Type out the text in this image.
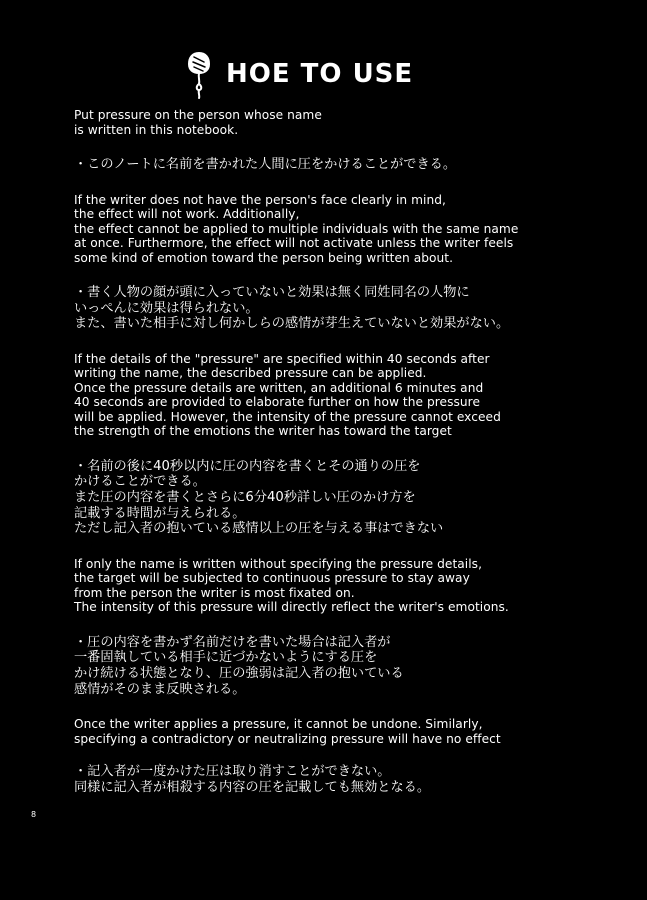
HOE TO USE

Put pressure on the person whose name
is written in this notebook.

・このノートに名前を書かれた人間に圧をかけることができる。

If the writer does not have the person's face clearly in mind,
the effect will not work. Additionally,
the effect cannot be applied to multiple individuals with the same name
at once. Furthermore, the effect will not activate unless the writer feels
some kind of emotion toward the person being written about.

・書く人物の顔が頭に入っていないと効果は無く同姓同名の人物に
いっぺんに効果は得られない。
また、書いた相手に対し何かしらの感情が芽生えていないと効果がない。

If the details of the "pressure" are specified within 40 seconds after
writing the name, the described pressure can be applied.
Once the pressure details are written, an additional 6 minutes and
40 seconds are provided to elaborate further on how the pressure
will be applied. However, the intensity of the pressure cannot exceed
the strength of the emotions the writer has toward the target

・名前の後に40秒以内に圧の内容を書くとその通りの圧を
かけることができる。
また圧の内容を書くとさらに6分40秒詳しい圧のかけ方を
記載する時間が与えられる。
ただし記入者の抱いている感情以上の圧を与える事はできない

If only the name is written without specifying the pressure details,
the target will be subjected to continuous pressure to stay away
from the person the writer is most fixated on.
The intensity of this pressure will directly reflect the writer's emotions.

・圧の内容を書かず名前だけを書いた場合は記入者が
一番固執している相手に近づかないようにする圧を
かけ続ける状態となり、圧の強弱は記入者の抱いている
感情がそのまま反映される。

Once the writer applies a pressure, it cannot be undone. Similarly,
specifying a contradictory or neutralizing pressure will have no effect

・記入者が一度かけた圧は取り消すことができない。
同様に記入者が相殺する内容の圧を記載しても無効となる。

8
